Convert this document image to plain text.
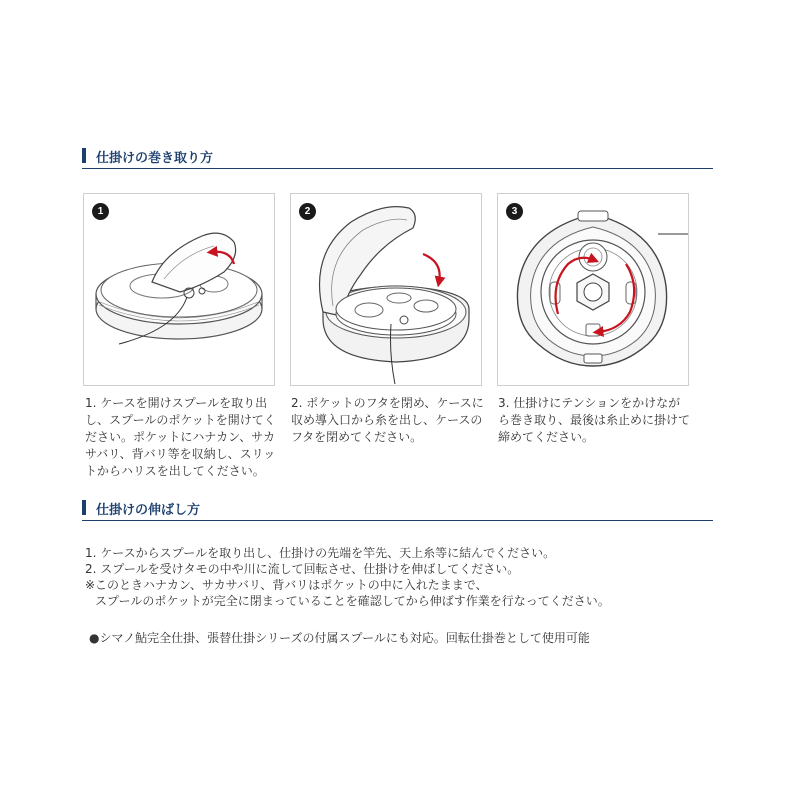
仕掛けの巻き取り方
1	2	3
1. ケースを開けスプールを取り出し、スプールのポケットを開けてください。ポケットにハナカン、サカサバリ、背バリ等を収納し、スリットからハリスを出してください。
2. ポケットのフタを閉め、ケースに収め導入口から糸を出し、ケースのフタを閉めてください。
3. 仕掛けにテンションをかけながら巻き取り、最後は糸止めに掛けて締めてください。
仕掛けの伸ばし方
1. ケースからスプールを取り出し、仕掛けの先端を竿先、天上糸等に結んでください。
2. スプールを受けタモの中や川に流して回転させ、仕掛けを伸ばしてください。
※このときハナカン、サカサバリ、背バリはポケットの中に入れたままで、
スプールのポケットが完全に閉まっていることを確認してから伸ばす作業を行なってください。
●シマノ鮎完全仕掛、張替仕掛シリーズの付属スプールにも対応。回転仕掛巻として使用可能
